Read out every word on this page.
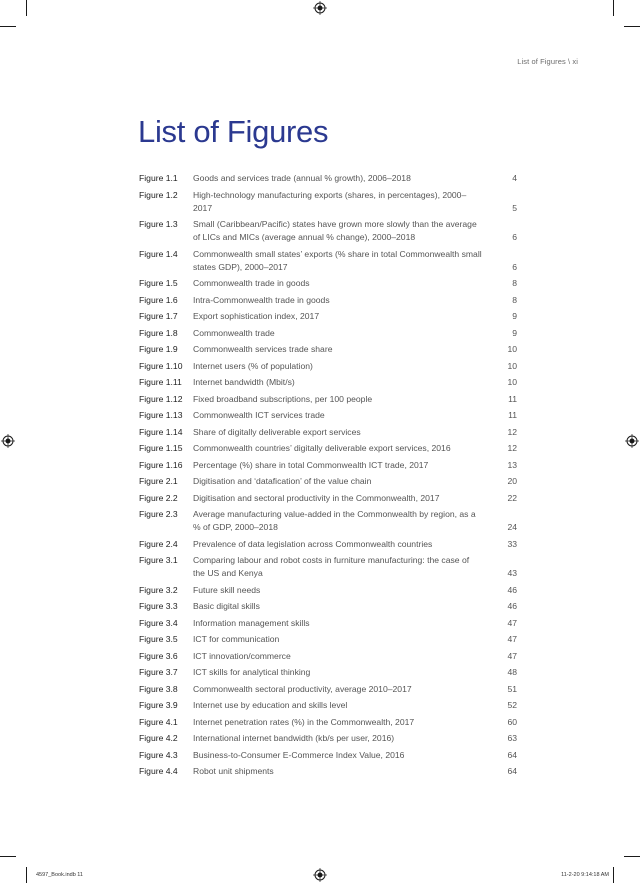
List of Figures \ xi
List of Figures
Figure 1.1	Goods and services trade (annual % growth), 2006–2018	4
Figure 1.2	High-technology manufacturing exports (shares, in percentages), 2000–2017	5
Figure 1.3	Small (Caribbean/Pacific) states have grown more slowly than the average of LICs and MICs (average annual % change), 2000–2018	6
Figure 1.4	Commonwealth small states’ exports (% share in total Commonwealth small states GDP), 2000–2017	6
Figure 1.5	Commonwealth trade in goods	8
Figure 1.6	Intra-Commonwealth trade in goods	8
Figure 1.7	Export sophistication index, 2017	9
Figure 1.8	Commonwealth trade	9
Figure 1.9	Commonwealth services trade share	10
Figure 1.10	Internet users (% of population)	10
Figure 1.11	Internet bandwidth (Mbit/s)	10
Figure 1.12	Fixed broadband subscriptions, per 100 people	11
Figure 1.13	Commonwealth ICT services trade	11
Figure 1.14	Share of digitally deliverable export services	12
Figure 1.15	Commonwealth countries’ digitally deliverable export services, 2016	12
Figure 1.16	Percentage (%) share in total Commonwealth ICT trade, 2017	13
Figure 2.1	Digitisation and ‘datafication’ of the value chain	20
Figure 2.2	Digitisation and sectoral productivity in the Commonwealth, 2017	22
Figure 2.3	Average manufacturing value-added in the Commonwealth by region, as a % of GDP, 2000–2018	24
Figure 2.4	Prevalence of data legislation across Commonwealth countries	33
Figure 3.1	Comparing labour and robot costs in furniture manufacturing: the case of the US and Kenya	43
Figure 3.2	Future skill needs	46
Figure 3.3	Basic digital skills	46
Figure 3.4	Information management skills	47
Figure 3.5	ICT for communication	47
Figure 3.6	ICT innovation/commerce	47
Figure 3.7	ICT skills for analytical thinking	48
Figure 3.8	Commonwealth sectoral productivity, average 2010–2017	51
Figure 3.9	Internet use by education and skills level	52
Figure 4.1	Internet penetration rates (%) in the Commonwealth, 2017	60
Figure 4.2	International internet bandwidth (kb/s per user, 2016)	63
Figure 4.3	Business-to-Consumer E-Commerce Index Value, 2016	64
Figure 4.4	Robot unit shipments	64
4597_Book.indb 11	11-2-20 9:14:18 AM
